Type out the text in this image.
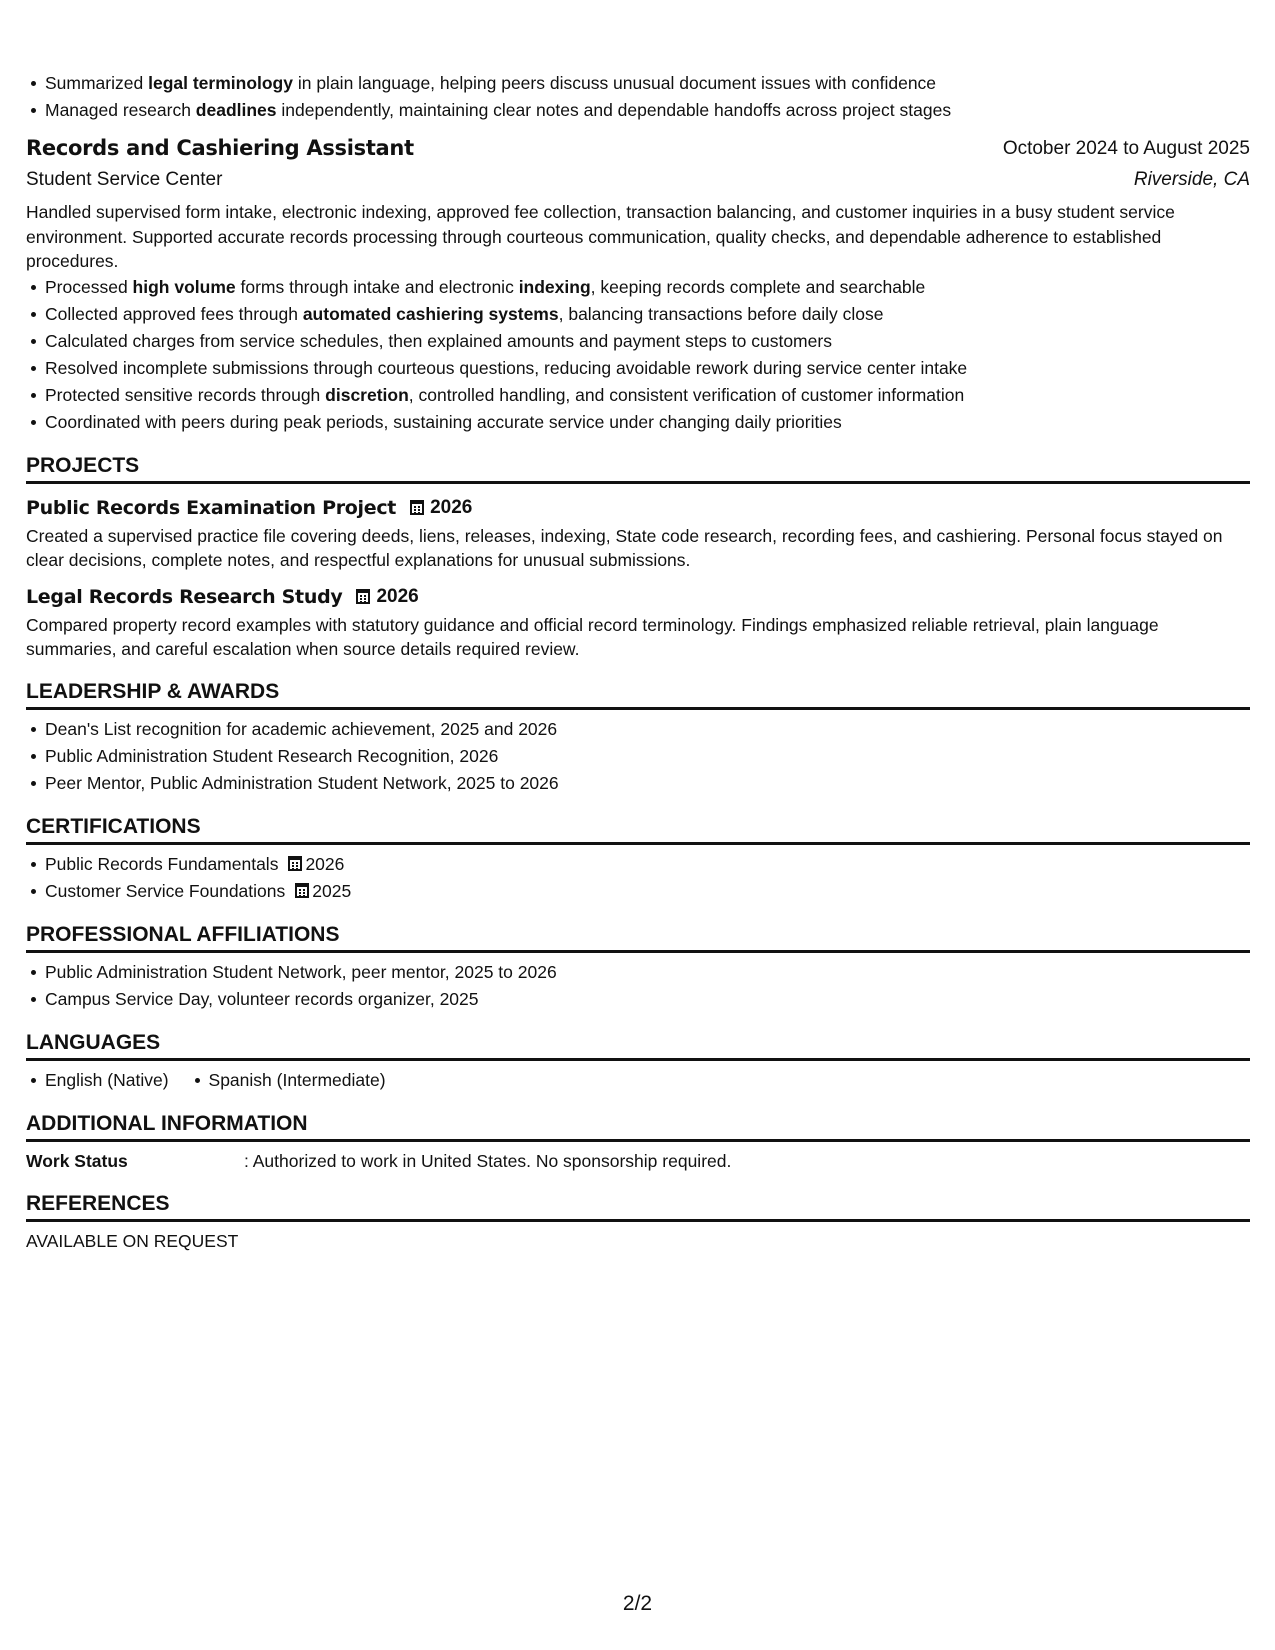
Summarized legal terminology in plain language, helping peers discuss unusual document issues with confidence
Managed research deadlines independently, maintaining clear notes and dependable handoffs across project stages
Records and Cashiering Assistant	October 2024 to August 2025
Student Service Center	Riverside, CA
Handled supervised form intake, electronic indexing, approved fee collection, transaction balancing, and customer inquiries in a busy student service environment. Supported accurate records processing through courteous communication, quality checks, and dependable adherence to established procedures.
Processed high volume forms through intake and electronic indexing, keeping records complete and searchable
Collected approved fees through automated cashiering systems, balancing transactions before daily close
Calculated charges from service schedules, then explained amounts and payment steps to customers
Resolved incomplete submissions through courteous questions, reducing avoidable rework during service center intake
Protected sensitive records through discretion, controlled handling, and consistent verification of customer information
Coordinated with peers during peak periods, sustaining accurate service under changing daily priorities
PROJECTS
Public Records Examination Project 2026
Created a supervised practice file covering deeds, liens, releases, indexing, State code research, recording fees, and cashiering. Personal focus stayed on clear decisions, complete notes, and respectful explanations for unusual submissions.
Legal Records Research Study 2026
Compared property record examples with statutory guidance and official record terminology. Findings emphasized reliable retrieval, plain language summaries, and careful escalation when source details required review.
LEADERSHIP & AWARDS
Dean's List recognition for academic achievement, 2025 and 2026
Public Administration Student Research Recognition, 2026
Peer Mentor, Public Administration Student Network, 2025 to 2026
CERTIFICATIONS
Public Records Fundamentals 2026
Customer Service Foundations 2025
PROFESSIONAL AFFILIATIONS
Public Administration Student Network, peer mentor, 2025 to 2026
Campus Service Day, volunteer records organizer, 2025
LANGUAGES
English (Native) Spanish (Intermediate)
ADDITIONAL INFORMATION
Work Status	: Authorized to work in United States. No sponsorship required.
REFERENCES
AVAILABLE ON REQUEST
2/2
